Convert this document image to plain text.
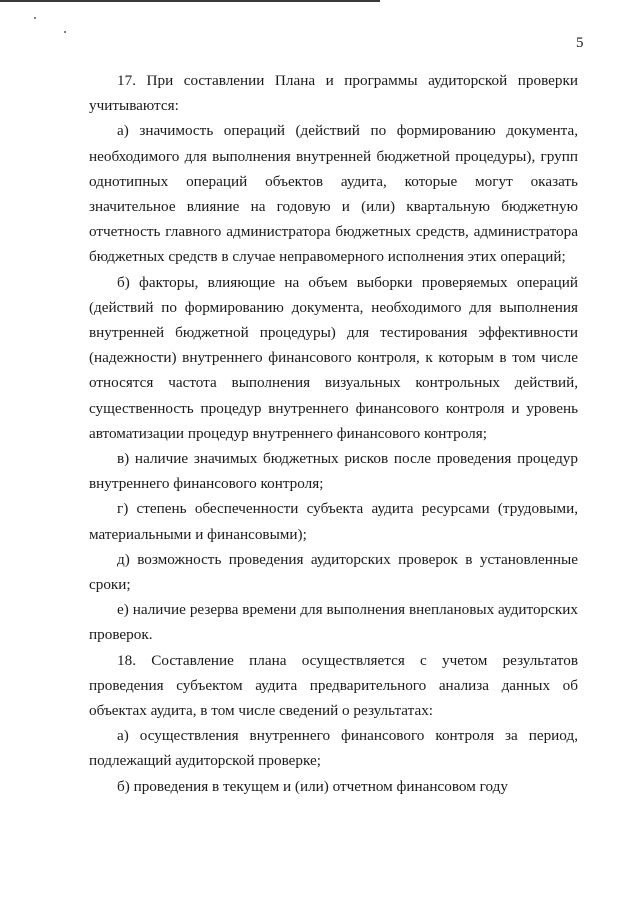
5

17. При составлении Плана и программы аудиторской проверки учитываются:

а) значимость операций (действий по формированию документа, необходимого для выполнения внутренней бюджетной процедуры), групп однотипных операций объектов аудита, которые могут оказать значительное влияние на годовую и (или) квартальную бюджетную отчетность главного администратора бюджетных средств, администратора бюджетных средств в случае неправомерного исполнения этих операций;

б) факторы, влияющие на объем выборки проверяемых операций (действий по формированию документа, необходимого для выполнения внутренней бюджетной процедуры) для тестирования эффективности (надежности) внутреннего финансового контроля, к которым в том числе относятся частота выполнения визуальных контрольных действий, существенность процедур внутреннего финансового контроля и уровень автоматизации процедур внутреннего финансового контроля;

в) наличие значимых бюджетных рисков после проведения процедур внутреннего финансового контроля;

г) степень обеспеченности субъекта аудита ресурсами (трудовыми, материальными и финансовыми);

д) возможность проведения аудиторских проверок в установленные сроки;

е) наличие резерва времени для выполнения внеплановых аудиторских проверок.

18. Составление плана осуществляется с учетом результатов проведения субъектом аудита предварительного анализа данных об объектах аудита, в том числе сведений о результатах:

а) осуществления внутреннего финансового контроля за период, подлежащий аудиторской проверке;

б) проведения в текущем и (или) отчетном финансовом году
